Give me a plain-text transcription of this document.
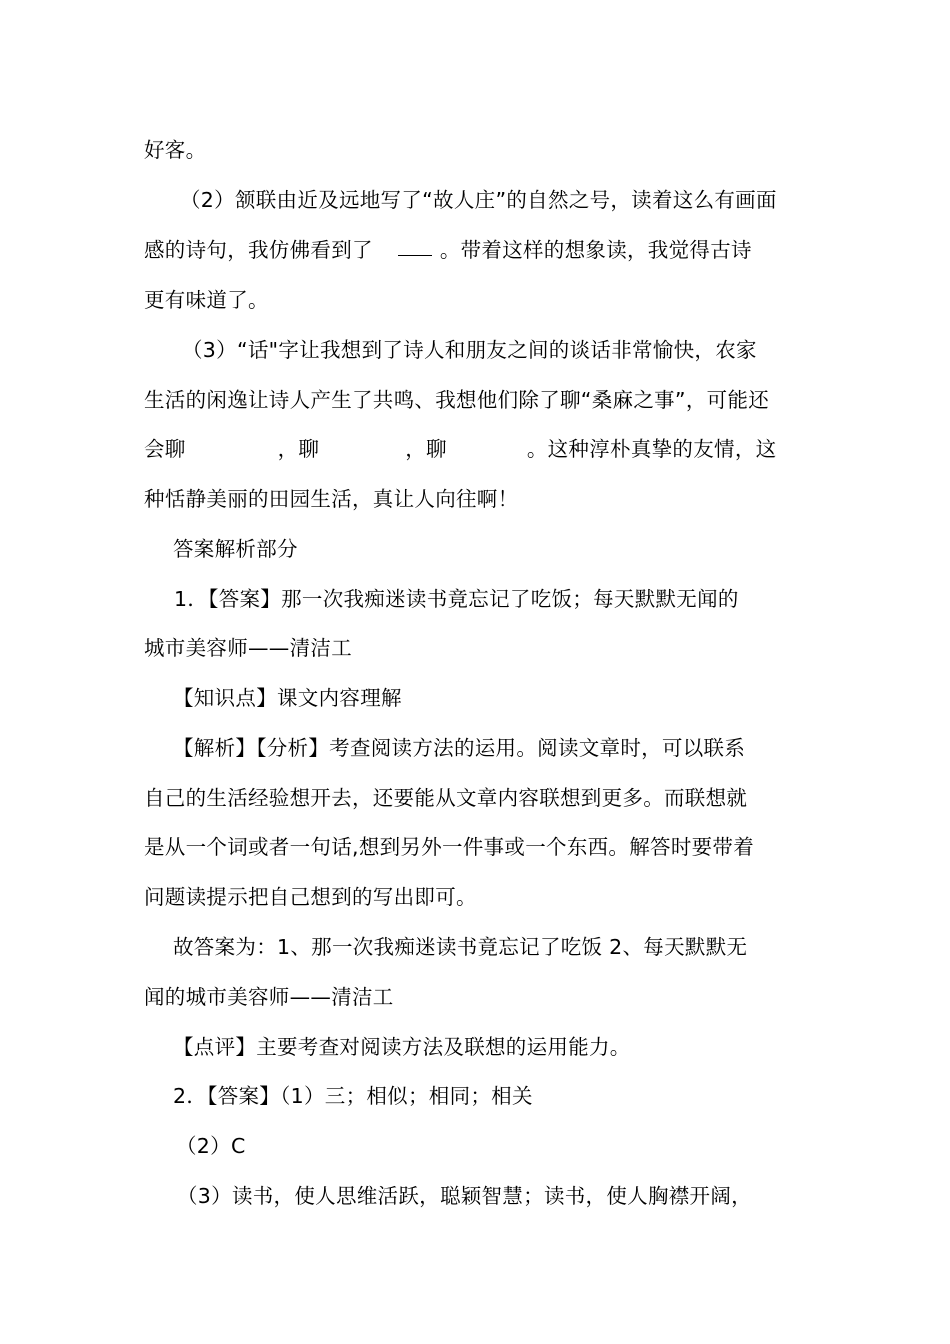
好客。
（2）颔联由近及远地写了“故人庄”的自然之号，读着这么有画面
感的诗句，我仿佛看到了	。带着这样的想象读，我觉得古诗
更有味道了。
（3）“话"字让我想到了诗人和朋友之间的谈话非常愉快，农家
生活的闲逸让诗人产生了共鸣、我想他们除了聊“桑麻之事”，可能还
会聊	，聊	，聊	。这种淳朴真挚的友情，这
种恬静美丽的田园生活，真让人向往啊！
答案解析部分
1．【答案】那一次我痴迷读书竟忘记了吃饭；每天默默无闻的
城市美容师——清洁工
【知识点】课文内容理解
【解析】【分析】考查阅读方法的运用。阅读文章时，可以联系
自己的生活经验想开去，还要能从文章内容联想到更多。而联想就
是从一个词或者一句话,想到另外一件事或一个东西。解答时要带着
问题读提示把自己想到的写出即可。
故答案为：1、那一次我痴迷读书竟忘记了吃饭 2、每天默默无
闻的城市美容师——清洁工
【点评】主要考查对阅读方法及联想的运用能力。
2．【答案】（1）三；相似；相同；相关
（2）C
（3）读书，使人思维活跃，聪颖智慧；读书，使人胸襟开阔，
